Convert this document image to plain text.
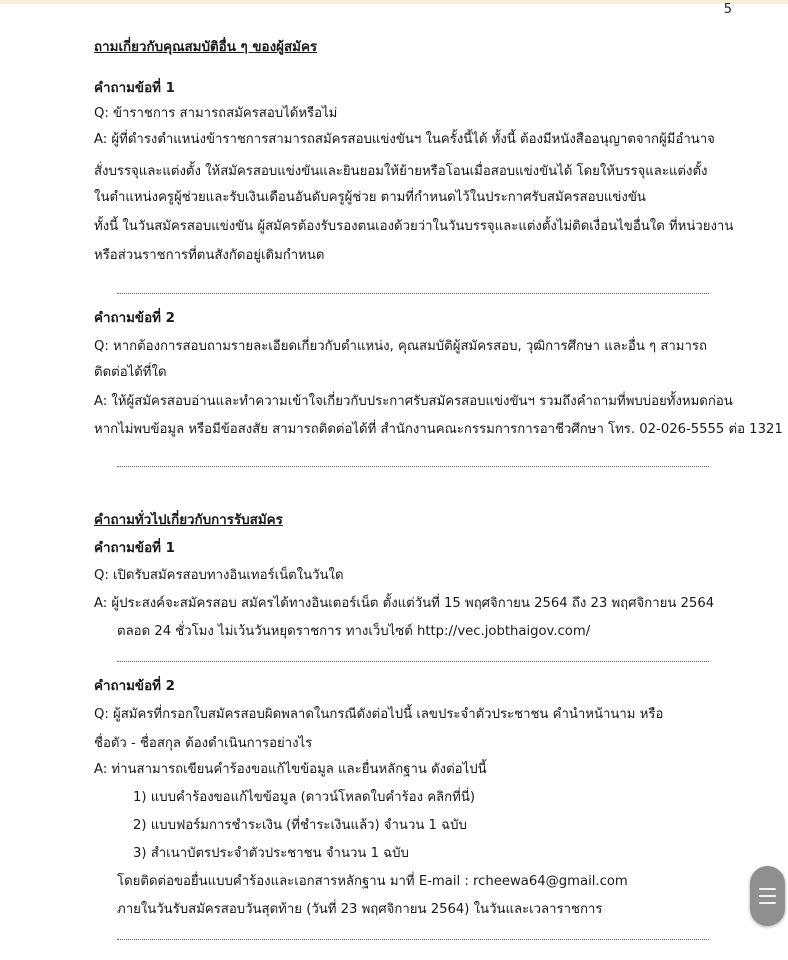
5
ถามเกี่ยวกับคุณสมบัติอื่น ๆ ของผู้สมัคร
คำถามข้อที่ 1
Q: ข้าราชการ สามารถสมัครสอบได้หรือไม่
A: ผู้ที่ดำรงตำแหน่งข้าราชการสามารถสมัครสอบแข่งขันฯ ในครั้งนี้ได้ ทั้งนี้ ต้องมีหนังสืออนุญาตจากผู้มีอำนาจ
สั่งบรรจุและแต่งตั้ง ให้สมัครสอบแข่งขันและยินยอมให้ย้ายหรือโอนเมื่อสอบแข่งขันได้ โดยให้บรรจุและแต่งตั้ง
ในตำแหน่งครูผู้ช่วยและรับเงินเดือนอันดับครูผู้ช่วย ตามที่กำหนดไว้ในประกาศรับสมัครสอบแข่งขัน
ทั้งนี้ ในวันสมัครสอบแข่งขัน ผู้สมัครต้องรับรองตนเองด้วยว่าในวันบรรจุและแต่งตั้งไม่ติดเงื่อนไขอื่นใด ที่หน่วยงาน
หรือส่วนราชการที่ตนสังกัดอยู่เดิมกำหนด
คำถามข้อที่ 2
Q: หากต้องการสอบถามรายละเอียดเกี่ยวกับตำแหน่ง, คุณสมบัติผู้สมัครสอบ, วุฒิการศึกษา และอื่น ๆ สามารถ
ติดต่อได้ที่ใด
A: ให้ผู้สมัครสอบอ่านและทำความเข้าใจเกี่ยวกับประกาศรับสมัครสอบแข่งขันฯ รวมถึงคำถามที่พบบ่อยทั้งหมดก่อน
หากไม่พบข้อมูล หรือมีข้อสงสัย สามารถติดต่อได้ที่ สำนักงานคณะกรรมการการอาชีวศึกษา โทร. 02-026-5555 ต่อ 1321
คำถามทั่วไปเกี่ยวกับการรับสมัคร
คำถามข้อที่ 1
Q: เปิดรับสมัครสอบทางอินเทอร์เน็ตในวันใด
A: ผู้ประสงค์จะสมัครสอบ สมัครได้ทางอินเตอร์เน็ต ตั้งแต่วันที่ 15 พฤศจิกายน 2564 ถึง 23 พฤศจิกายน 2564
ตลอด 24 ชั่วโมง ไม่เว้นวันหยุดราชการ ทางเว็บไซต์ http://vec.jobthaigov.com/
คำถามข้อที่ 2
Q: ผู้สมัครที่กรอกใบสมัครสอบผิดพลาดในกรณีดังต่อไปนี้ เลขประจำตัวประชาชน คำนำหน้านาม หรือ
ชื่อตัว - ชื่อสกุล ต้องดำเนินการอย่างไร
A: ท่านสามารถเขียนคำร้องขอแก้ไขข้อมูล และยื่นหลักฐาน ดังต่อไปนี้
1) แบบคำร้องขอแก้ไขข้อมูล (ดาวน์โหลดใบคำร้อง คลิกที่นี่)
2) แบบฟอร์มการชำระเงิน (ที่ชำระเงินแล้ว) จำนวน 1 ฉบับ
3) สำเนาบัตรประจำตัวประชาชน จำนวน 1 ฉบับ
โดยติดต่อขอยื่นแบบคำร้องและเอกสารหลักฐาน มาที่ E-mail : rcheewa64@gmail.com
ภายในวันรับสมัครสอบวันสุดท้าย (วันที่ 23 พฤศจิกายน 2564) ในวันและเวลาราชการ
